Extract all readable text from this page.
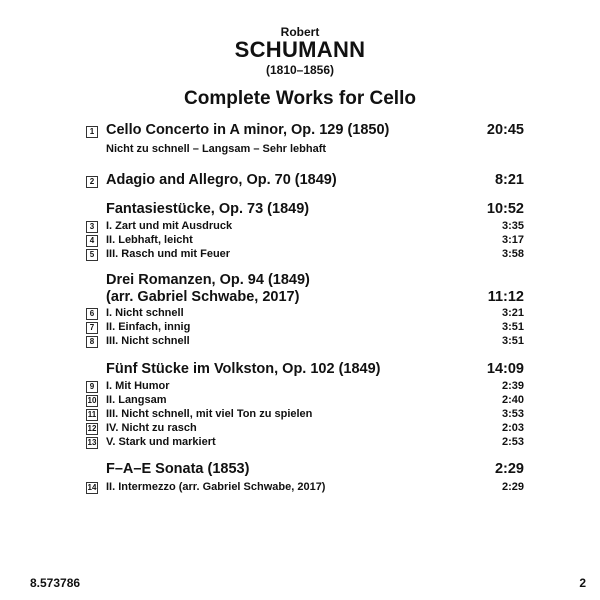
Robert
SCHUMANN
(1810–1856)
Complete Works for Cello
1 Cello Concerto in A minor, Op. 129 (1850)	20:45
Nicht zu schnell – Langsam – Sehr lebhaft
2 Adagio and Allegro, Op. 70 (1849)	8:21
Fantasiestücke, Op. 73 (1849)	10:52
3	I. Zart und mit Ausdruck	3:35
4	II. Lebhaft, leicht	3:17
5	III. Rasch und mit Feuer	3:58
Drei Romanzen, Op. 94 (1849)
(arr. Gabriel Schwabe, 2017)	11:12
6	I. Nicht schnell	3:21
7	II. Einfach, innig	3:51
8	III. Nicht schnell	3:51
Fünf Stücke im Volkston, Op. 102 (1849)	14:09
9	I. Mit Humor	2:39
10 II. Langsam	2:40
11 III. Nicht schnell, mit viel Ton zu spielen	3:53
12 IV. Nicht zu rasch	2:03
13 V. Stark und markiert	2:53
F–A–E Sonata (1853)	2:29
14 II. Intermezzo (arr. Gabriel Schwabe, 2017)	2:29
8.573786	2
